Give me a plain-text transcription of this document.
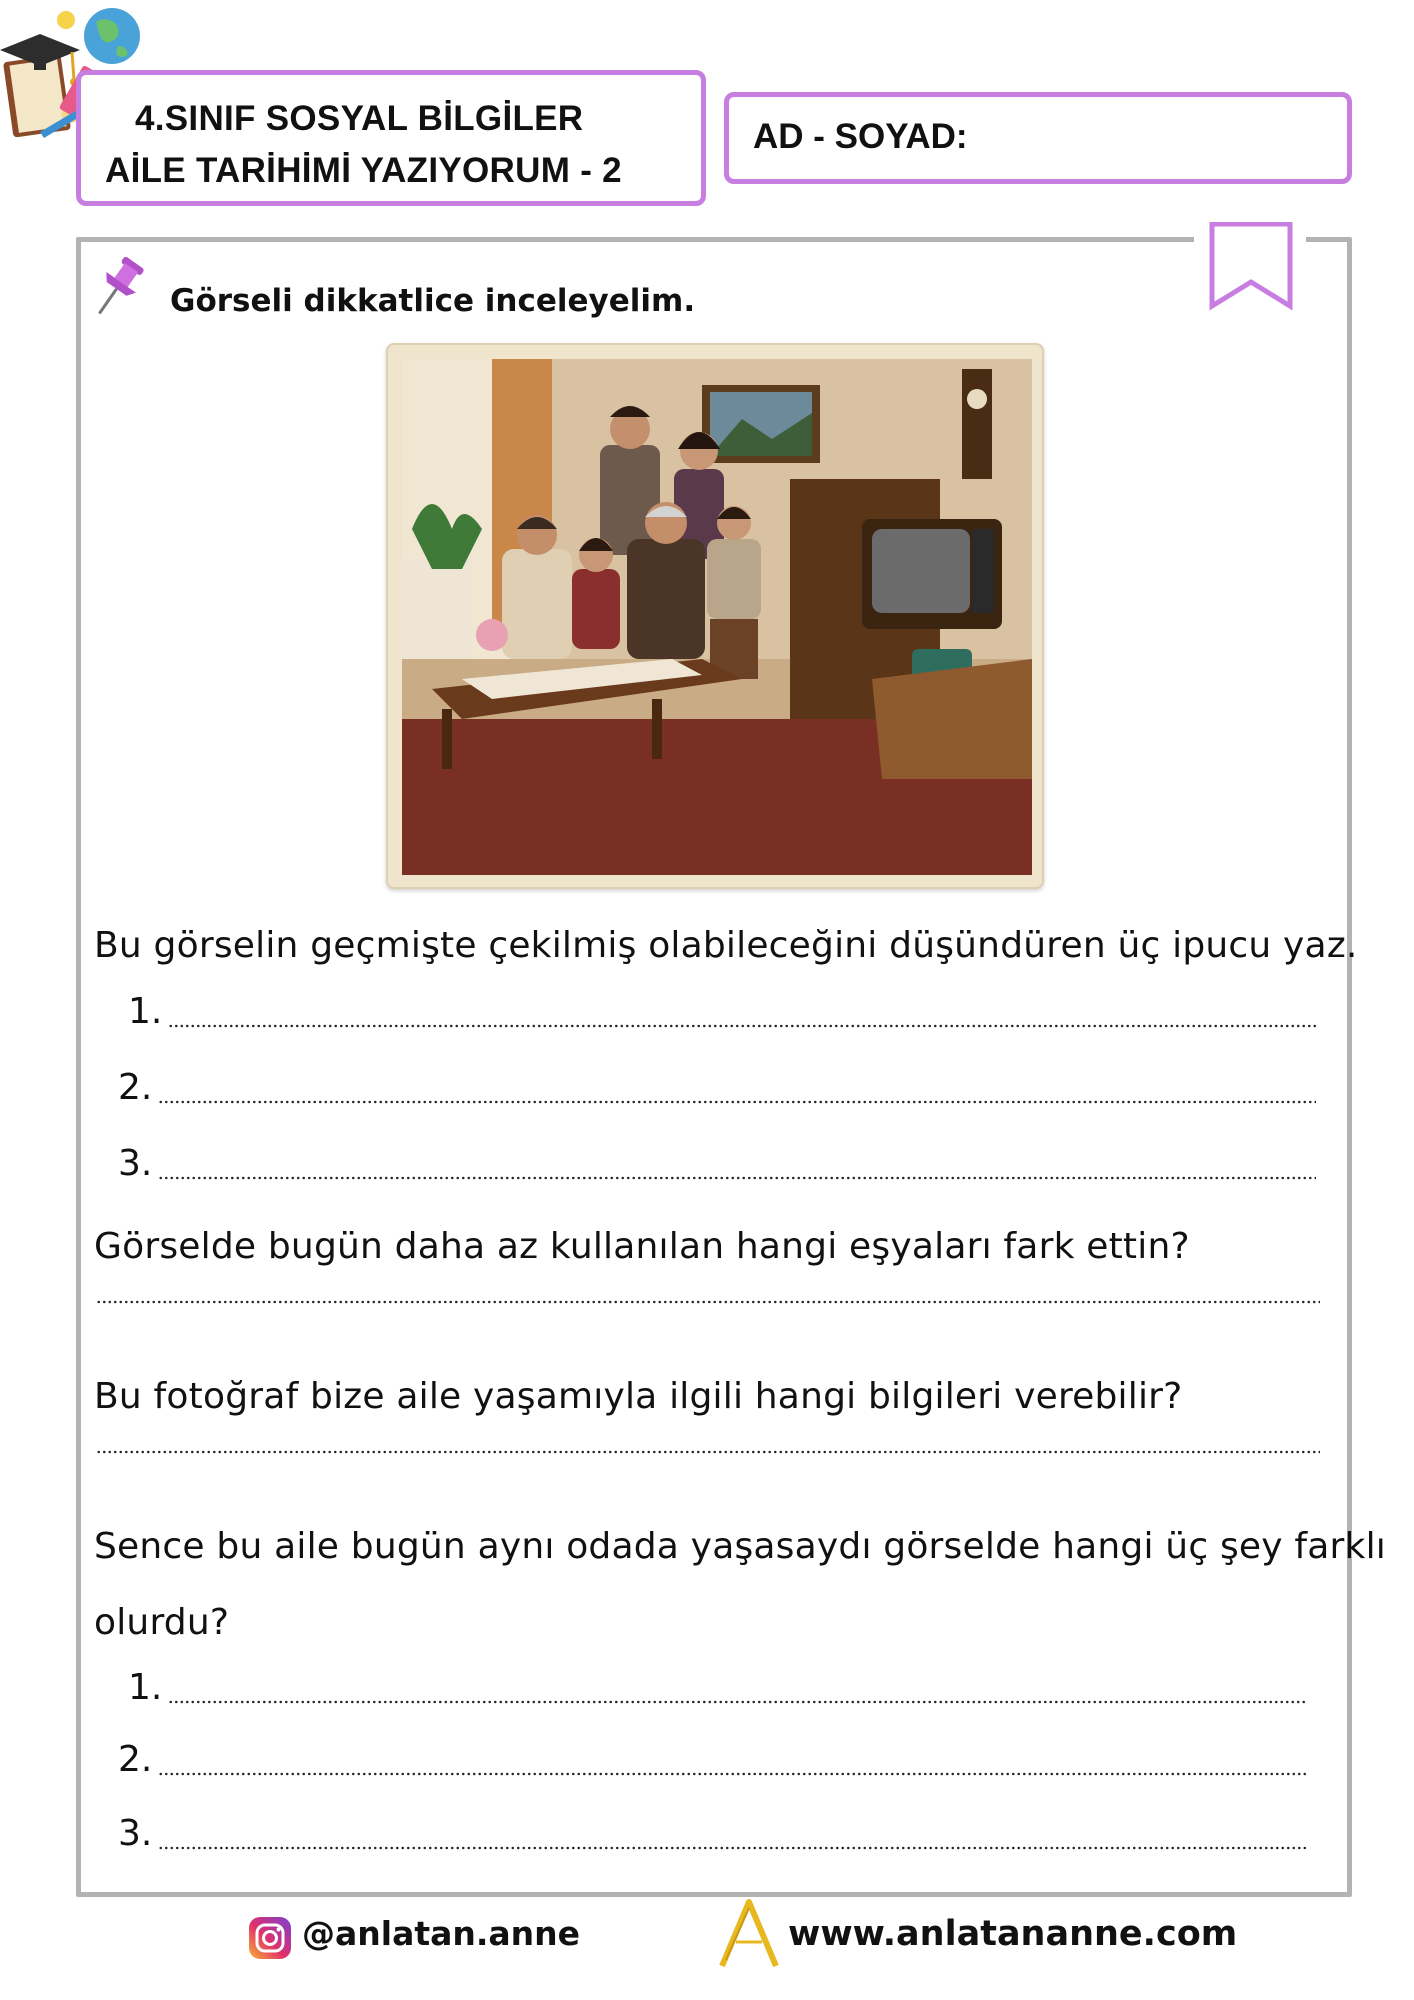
4.SINIF SOSYAL BİLGİLER
AİLE TARİHİMİ YAZIYORUM - 2
AD - SOYAD:
Görseli dikkatlice inceleyelim.
Bu görselin geçmişte çekilmiş olabileceğini düşündüren üç ipucu yaz.
1.
2.
3.
Görselde bugün daha az kullanılan hangi eşyaları fark ettin?
Bu fotoğraf bize aile yaşamıyla ilgili hangi bilgileri verebilir?
Sence bu aile bugün aynı odada yaşasaydı görselde hangi üç şey farklı
olurdu?
1.
2.
3.
@anlatan.anne	www.anlatananne.com
